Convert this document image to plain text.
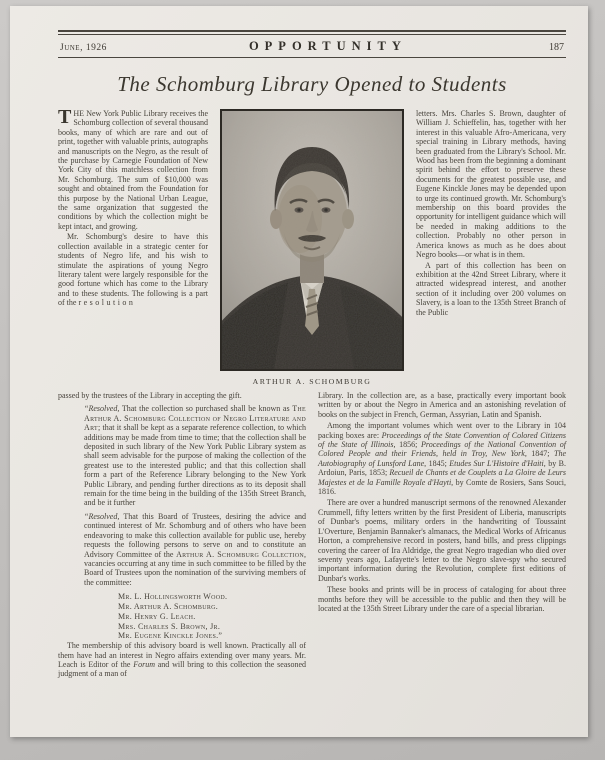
June, 1926	OPPORTUNITY	187
The Schomburg Library Opened to Students

THE New York Public Library receives the Schomburg collection of several thousand books, many of which are rare and out of print, together with valuable prints, autographs and manuscripts on the Negro, as the result of the purchase by Carnegie Foundation of New York City of this matchless collection from Mr. Schomburg. The sum of $10,000 was sought and obtained from the Foundation for this purpose by the National Urban League, the same organization that suggested the conditions by which the collection might be kept intact, and growing.

Mr. Schomburg's desire to have this collection available in a strategic center for students of Negro life, and his wish to stimulate the aspirations of young Negro literary talent were largely responsible for the good fortune which has come to the Library and to these students. The following is a part of the resolution

ARTHUR A. SCHOMBURG

letters. Mrs. Charles S. Brown, daughter of William J. Schieffelin, has, together with her interest in this valuable Afro-Americana, very special training in Library methods, having been graduated from the Library's School. Mr. Wood has been from the beginning a dominant spirit behind the effort to preserve these documents for the greatest possible use, and Eugene Kinckle Jones may be depended upon to urge its continued growth. Mr. Schomburg's membership on this board provides the opportunity for intelligent guidance which will be needed in making additions to the collection. Probably no other person in America knows as much as he does about Negro books—or what is in them.

A part of this collection has been on exhibition at the 42nd Street Library, where it attracted widespread interest, and another section of it including over 200 volumes on Slavery, is a loan to the 135th Street Branch of the Public

passed by the trustees of the Library in accepting the gift.

“Resolved, That the collection so purchased shall be known as The Arthur A. Schomburg Collection of Negro Literature and Art; that it shall be kept as a separate reference collection, to which additions may be made from time to time; that the collection shall be deposited in such library of the New York Public Library system as shall seem advisable for the purpose of making the collection of the greatest use to the interested public; and that this collection shall form a part of the Reference Library belonging to the New York Public Library, and pending further directions as to its deposit shall remain for the time being in the building of the 135th Street Branch, and be it further

“Resolved, That this Board of Trustees, desiring the advice and continued interest of Mr. Schomburg and of others who have been endeavoring to make this collection available for public use, hereby requests the following persons to serve on and to constitute an Advisory Committee of the Arthur A. Schomburg Collection, vacancies occurring at any time in such committee to be filled by the Board of Trustees upon the nomination of the surviving members of the committee:

Mr. L. Hollingsworth Wood.
Mr. Arthur A. Schomburg.
Mr. Henry G. Leach.
Mrs. Charles S. Brown, Jr.
Mr. Eugene Kinckle Jones.”

The membership of this advisory board is well known. Practically all of them have had an interest in Negro affairs extending over many years. Mr. Leach is Editor of the Forum and will bring to this collection the seasoned judgment of a man of

Library. In the collection are, as a base, practically every important book written by or about the Negro in America and an astonishing revelation of books on the subject in French, German, Assyrian, Latin and Spanish.

Among the important volumes which went over to the Library in 104 packing boxes are: Proceedings of the State Convention of Colored Citizens of the State of Illinois, 1856; Proceedings of the National Convention of Colored People and their Friends, held in Troy, New York, 1847; The Autobiography of Lunsford Lane, 1845; Etudes Sur L'Histoire d'Haiti, by B. Ardoiun, Paris, 1853; Recueil de Chants et de Couplets a La Gloire de Leurs Majestes et de la Famille Royale d'Hayti, by Comte de Rosiers, Sans Souci, 1816.

There are over a hundred manuscript sermons of the renowned Alexander Crummell, fifty letters written by the first President of Liberia, manuscripts of Dunbar's poems, military orders in the handwriting of Toussaint L'Overture, Benjamin Bannaker's almanacs, the Medical Works of Africanus Horton, a comprehensive record in posters, hand bills, and press clippings covering the career of Ira Aldridge, the great Negro tragedian who died over seventy years ago, Lafayette's letter to the Negro slave-spy who secured important information during the Revolution, complete first editions of Dunbar's works.

These books and prints will be in process of cataloging for about three months before they will be accessible to the public and then they will be located at the 135th Street Library under the care of a special librarian.
